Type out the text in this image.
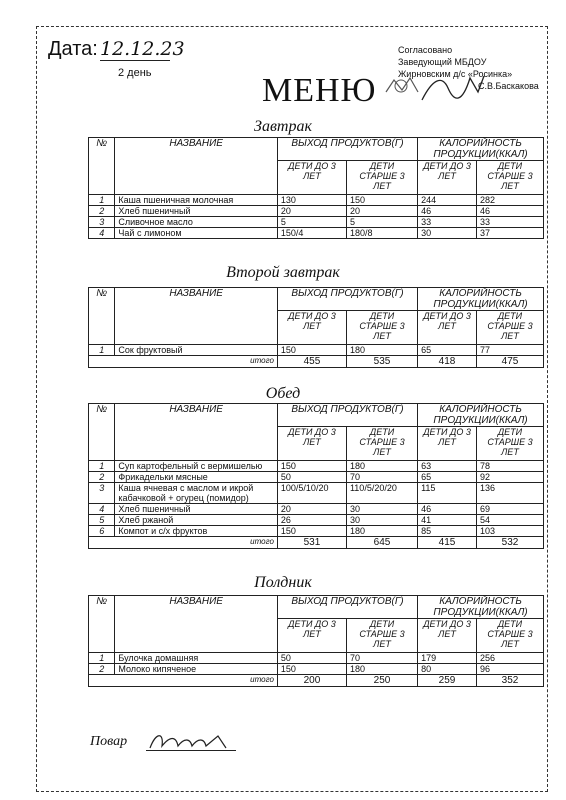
Дата: 12.12.23
2 день
Согласовано
Заведующий МБДОУ
Жирновским д/с «Росинка»
С.В.Баскакова
МЕНЮ
Завтрак
№	НАЗВАНИЕ	ВЫХОД ПРОДУКТОВ(Г)		КАЛОРИЙНОСТЬ ПРОДУКЦИИ(ККАЛ)	
		ДЕТИ ДО 3 ЛЕТ	ДЕТИ СТАРШЕ 3 ЛЕТ	ДЕТИ ДО 3 ЛЕТ	ДЕТИ СТАРШЕ 3 ЛЕТ
1	Каша пшеничная молочная	130	150	244	282
2	Хлеб пшеничный	20	20	46	46
3	Сливочное масло	5	5	33	33
4	Чай с лимоном	150/4	180/8	30	37
Второй завтрак
№	НАЗВАНИЕ	ВЫХОД ПРОДУКТОВ(Г)		КАЛОРИЙНОСТЬ ПРОДУКЦИИ(ККАЛ)	
		ДЕТИ ДО 3 ЛЕТ	ДЕТИ СТАРШЕ 3 ЛЕТ	ДЕТИ ДО 3 ЛЕТ	ДЕТИ СТАРШЕ 3 ЛЕТ
1	Сок фруктовый	150	180	65	77
итого		455	535	418	475
Обед
№	НАЗВАНИЕ	ВЫХОД ПРОДУКТОВ(Г)		КАЛОРИЙНОСТЬ ПРОДУКЦИИ(ККАЛ)	
		ДЕТИ ДО 3 ЛЕТ	ДЕТИ СТАРШЕ 3 ЛЕТ	ДЕТИ ДО 3 ЛЕТ	ДЕТИ СТАРШЕ 3 ЛЕТ
1	Суп картофельный с вермишелью	150	180	63	78
2	Фрикадельки мясные	50	70	65	92
3	Каша ячневая с маслом и икрой кабачковой + огурец (помидор)	100/5/10/20	110/5/20/20	115	136
4	Хлеб пшеничный	20	30	46	69
5	Хлеб ржаной	26	30	41	54
6	Компот и с/х фруктов	150	180	85	103
итого		531	645	415	532
Полдник
№	НАЗВАНИЕ	ВЫХОД ПРОДУКТОВ(Г)		КАЛОРИЙНОСТЬ ПРОДУКЦИИ(ККАЛ)	
		ДЕТИ ДО 3 ЛЕТ	ДЕТИ СТАРШЕ 3 ЛЕТ	ДЕТИ ДО 3 ЛЕТ	ДЕТИ СТАРШЕ 3 ЛЕТ
1	Булочка домашняя	50	70	179	256
2	Молоко кипяченое	150	180	80	96
итого		200	250	259	352
Повар
